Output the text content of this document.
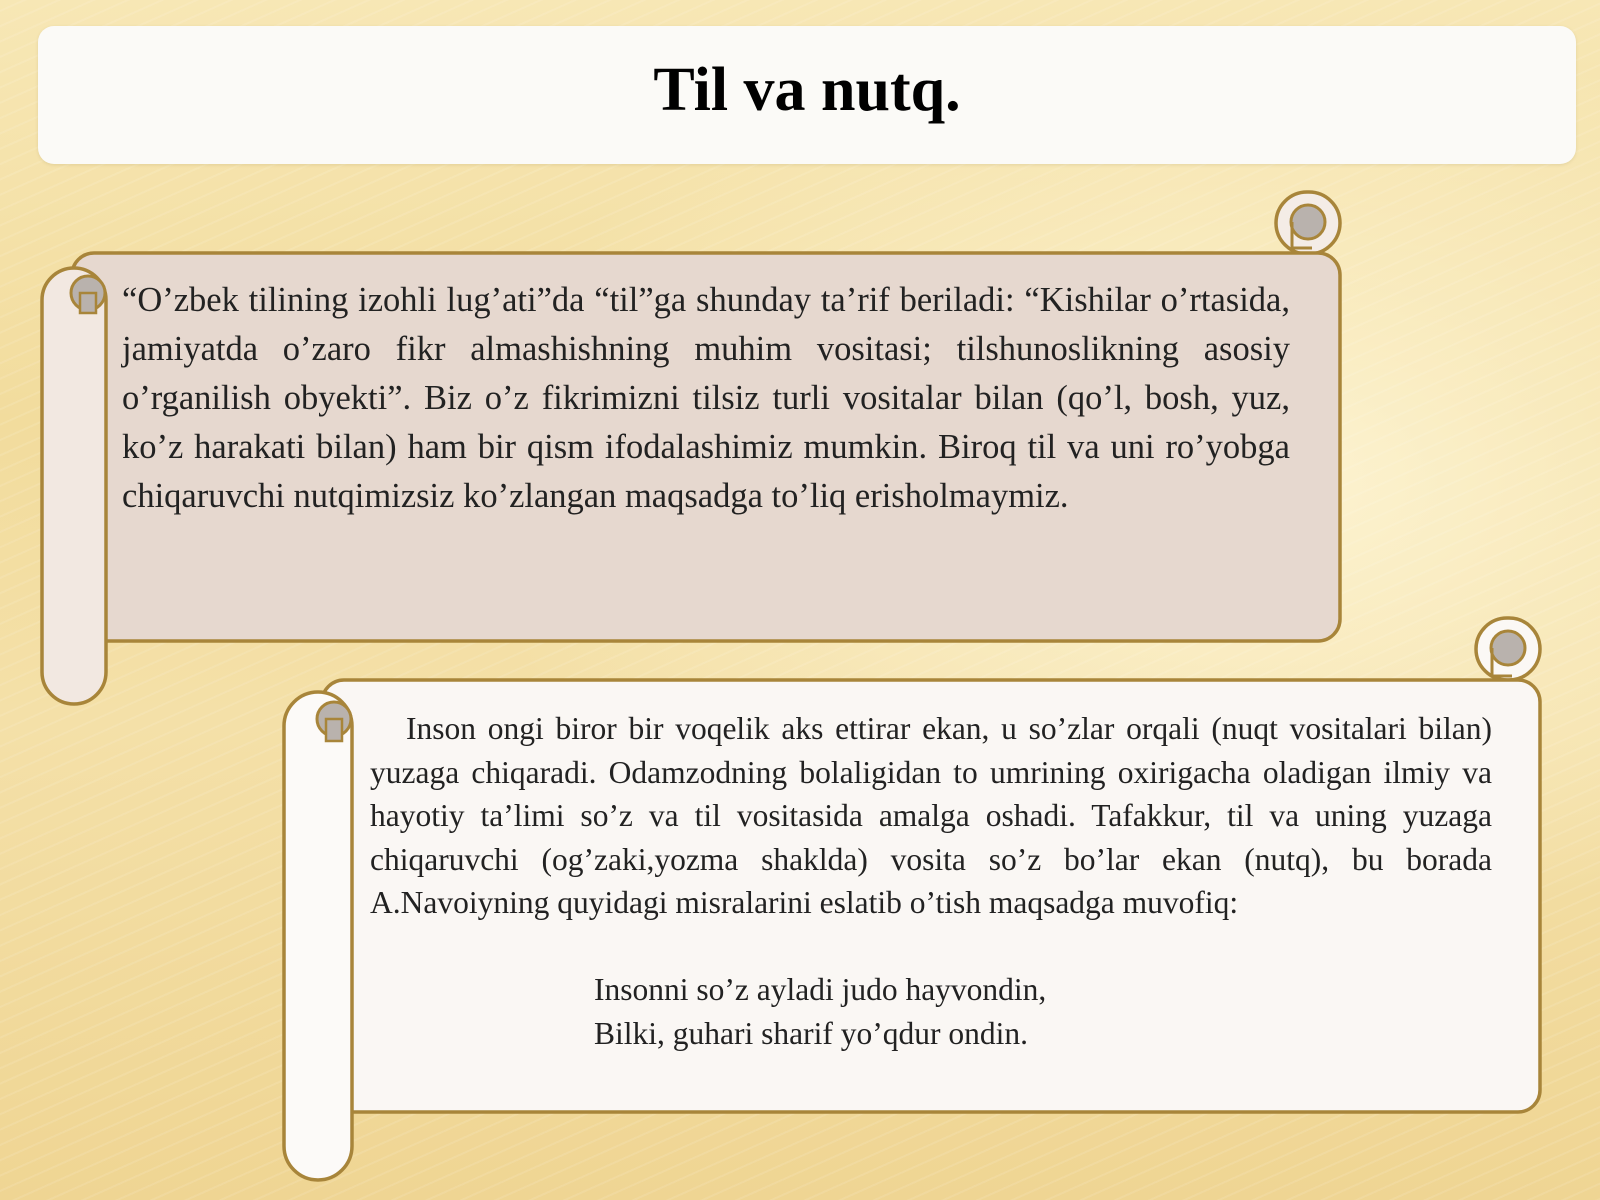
Til va nutq.

“O’zbek tilining izohli lug’ati”da “til”ga shunday ta’rif beriladi: “Kishilar o’rtasida, jamiyatda o’zaro fikr almashishning muhim vositasi; tilshunoslikning asosiy o’rganilish obyekti”. Biz o’z fikrimizni tilsiz turli vositalar bilan (qo’l, bosh, yuz, ko’z harakati bilan) ham bir qism ifodalashimiz mumkin. Biroq til va uni ro’yobga chiqaruvchi nutqimizsiz ko’zlangan maqsadga to’liq erisholmaymiz.

Inson ongi biror bir voqelik aks ettirar ekan, u so’zlar orqali (nuqt vositalari bilan) yuzaga chiqaradi. Odamzodning bolaligidan to umrining oxirigacha oladigan ilmiy va hayotiy ta’limi so’z va til vositasida amalga oshadi. Tafakkur, til va uning yuzaga chiqaruvchi (og’zaki,yozma shaklda) vosita so’z bo’lar ekan (nutq), bu borada A.Navoiyning quyidagi misralarini eslatib o’tish maqsadga muvofiq:

Insonni so’z ayladi judo hayvondin,
Bilki, guhari sharif yo’qdur ondin.
